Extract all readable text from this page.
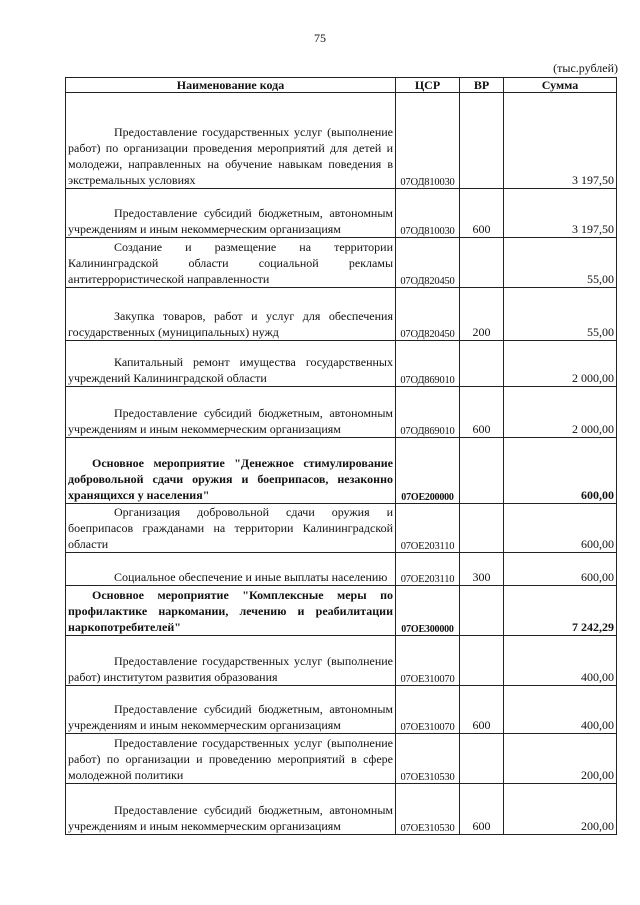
75
(тыс.рублей)
Наименование кода	ЦСР	ВР	Сумма
Предоставление государственных услуг (выполнение работ) по организации проведения мероприятий для детей и молодежи, направленных на обучение навыкам поведения в экстремальных условиях	07ОД810030		3 197,50
Предоставление субсидий бюджетным, автономным учреждениям и иным некоммерческим организациям	07ОД810030	600	3 197,50
Создание и размещение на территории Калининградской области социальной рекламы антитеррористической направленности	07ОД820450		55,00
Закупка товаров, работ и услуг для обеспечения государственных (муниципальных) нужд	07ОД820450	200	55,00
Капитальный ремонт имущества государственных учреждений Калининградской области	07ОД869010		2 000,00
Предоставление субсидий бюджетным, автономным учреждениям и иным некоммерческим организациям	07ОД869010	600	2 000,00
Основное мероприятие "Денежное стимулирование добровольной сдачи оружия и боеприпасов, незаконно хранящихся у населения"	07ОЕ200000		600,00
Организация добровольной сдачи оружия и боеприпасов гражданами на территории Калининградской области	07ОЕ203110		600,00
Социальное обеспечение и иные выплаты населению	07ОЕ203110	300	600,00
Основное мероприятие "Комплексные меры по профилактике наркомании, лечению и реабилитации наркопотребителей"	07ОЕ300000		7 242,29
Предоставление государственных услуг (выполнение работ) институтом развития образования	07ОЕ310070		400,00
Предоставление субсидий бюджетным, автономным учреждениям и иным некоммерческим организациям	07ОЕ310070	600	400,00
Предоставление государственных услуг (выполнение работ) по организации и проведению мероприятий в сфере молодежной политики	07ОЕ310530		200,00
Предоставление субсидий бюджетным, автономным учреждениям и иным некоммерческим организациям	07ОЕ310530	600	200,00
